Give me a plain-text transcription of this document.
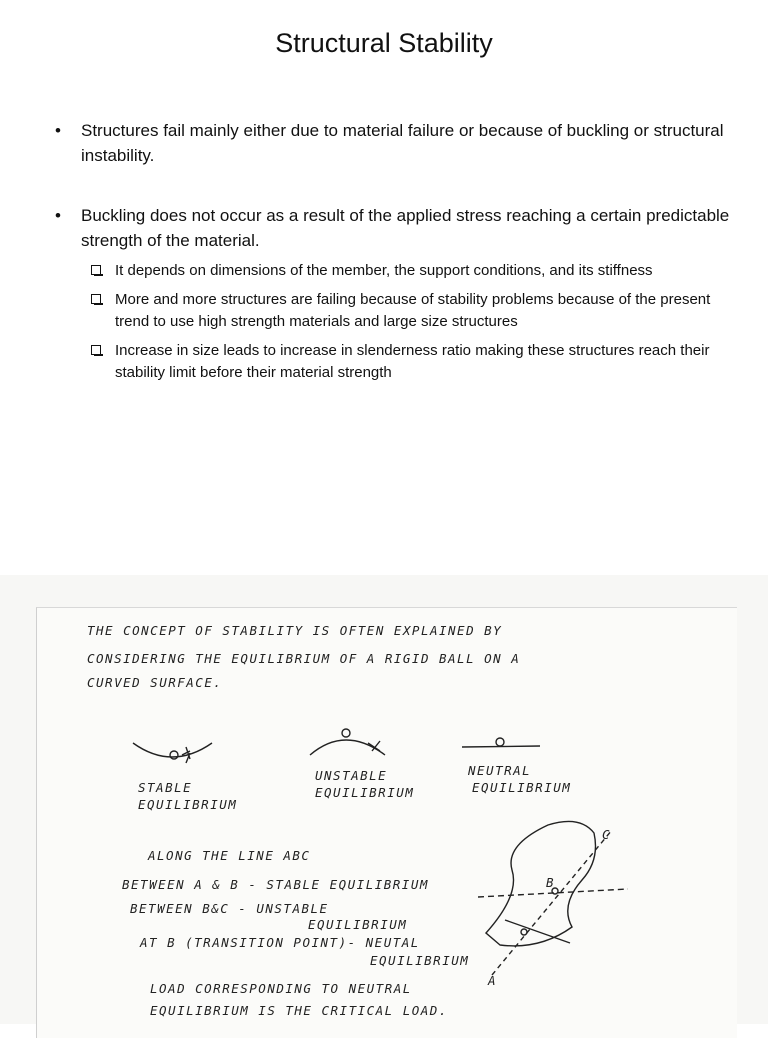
Structural Stability
• Structures fail mainly either due to material failure or because of buckling or structural instability.
• Buckling does not occur as a result of the applied stress reaching a certain predictable strength of the material.
It depends on dimensions of the member, the support conditions, and its stiffness
More and more structures are failing because of stability problems because of the present trend to use high strength materials and large size structures
Increase in size leads to increase in slenderness ratio making these structures reach their stability limit before their material strength
THE CONCEPT OF STABILITY IS OFTEN EXPLAINED BY
CONSIDERING THE EQUILIBRIUM OF A RIGID BALL ON A
CURVED SURFACE.
STABLE
EQUILIBRIUM
UNSTABLE
EQUILIBRIUM
NEUTRAL
EQUILIBRIUM
ALONG THE LINE ABC
BETWEEN A & B - STABLE EQUILIBRIUM
BETWEEN B&C - UNSTABLE
EQUILIBRIUM
AT B (TRANSITION POINT)- NEUTAL
EQUILIBRIUM
LOAD CORRESPONDING TO NEUTRAL
EQUILIBRIUM IS THE CRITICAL LOAD.
A
B
C
